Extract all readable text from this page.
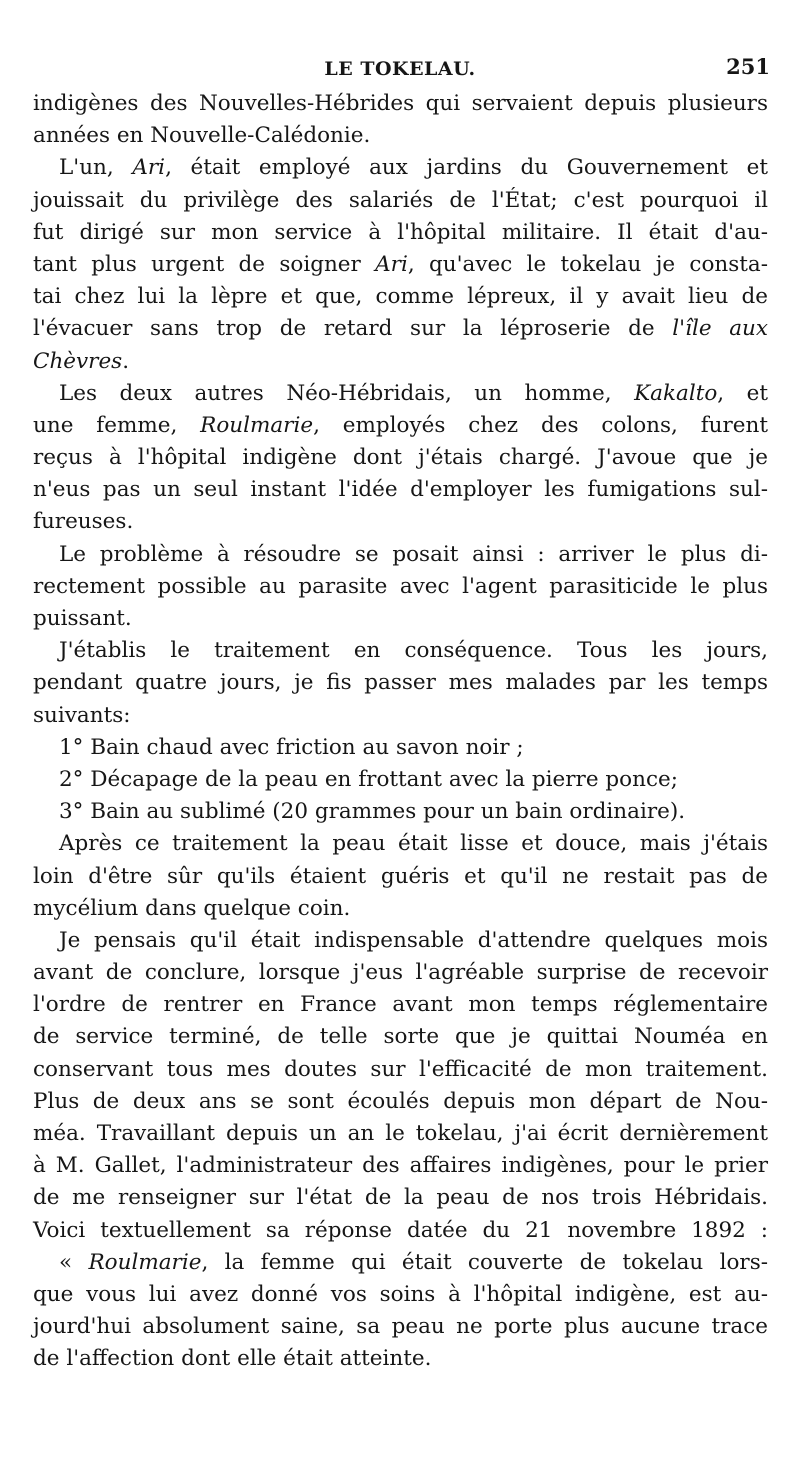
LE TOKELAU.	251
indigènes des Nouvelles-Hébrides qui servaient depuis plusieurs
années en Nouvelle-Calédonie.
L'un, Ari, était employé aux jardins du Gouvernement et
jouissait du privilège des salariés de l'État; c'est pourquoi il
fut dirigé sur mon service à l'hôpital militaire. Il était d'au-
tant plus urgent de soigner Ari, qu'avec le tokelau je consta-
tai chez lui la lèpre et que, comme lépreux, il y avait lieu de
l'évacuer sans trop de retard sur la léproserie de l'île aux
Chèvres.
Les deux autres Néo-Hébridais, un homme, Kakalto, et
une femme, Roulmarie, employés chez des colons, furent
reçus à l'hôpital indigène dont j'étais chargé. J'avoue que je
n'eus pas un seul instant l'idée d'employer les fumigations sul-
fureuses.
Le problème à résoudre se posait ainsi : arriver le plus di-
rectement possible au parasite avec l'agent parasiticide le plus
puissant.
J'établis le traitement en conséquence. Tous les jours,
pendant quatre jours, je fis passer mes malades par les temps
suivants:
1° Bain chaud avec friction au savon noir ;
2° Décapage de la peau en frottant avec la pierre ponce;
3° Bain au sublimé (20 grammes pour un bain ordinaire).
Après ce traitement la peau était lisse et douce, mais j'étais
loin d'être sûr qu'ils étaient guéris et qu'il ne restait pas de
mycélium dans quelque coin.
Je pensais qu'il était indispensable d'attendre quelques mois
avant de conclure, lorsque j'eus l'agréable surprise de recevoir
l'ordre de rentrer en France avant mon temps réglementaire
de service terminé, de telle sorte que je quittai Nouméa en
conservant tous mes doutes sur l'efficacité de mon traitement.
Plus de deux ans se sont écoulés depuis mon départ de Nou-
méa. Travaillant depuis un an le tokelau, j'ai écrit dernièrement
à M. Gallet, l'administrateur des affaires indigènes, pour le prier
de me renseigner sur l'état de la peau de nos trois Hébridais.
Voici textuellement sa réponse datée du 21 novembre 1892 :
« Roulmarie, la femme qui était couverte de tokelau lors-
que vous lui avez donné vos soins à l'hôpital indigène, est au-
jourd'hui absolument saine, sa peau ne porte plus aucune trace
de l'affection dont elle était atteinte.
